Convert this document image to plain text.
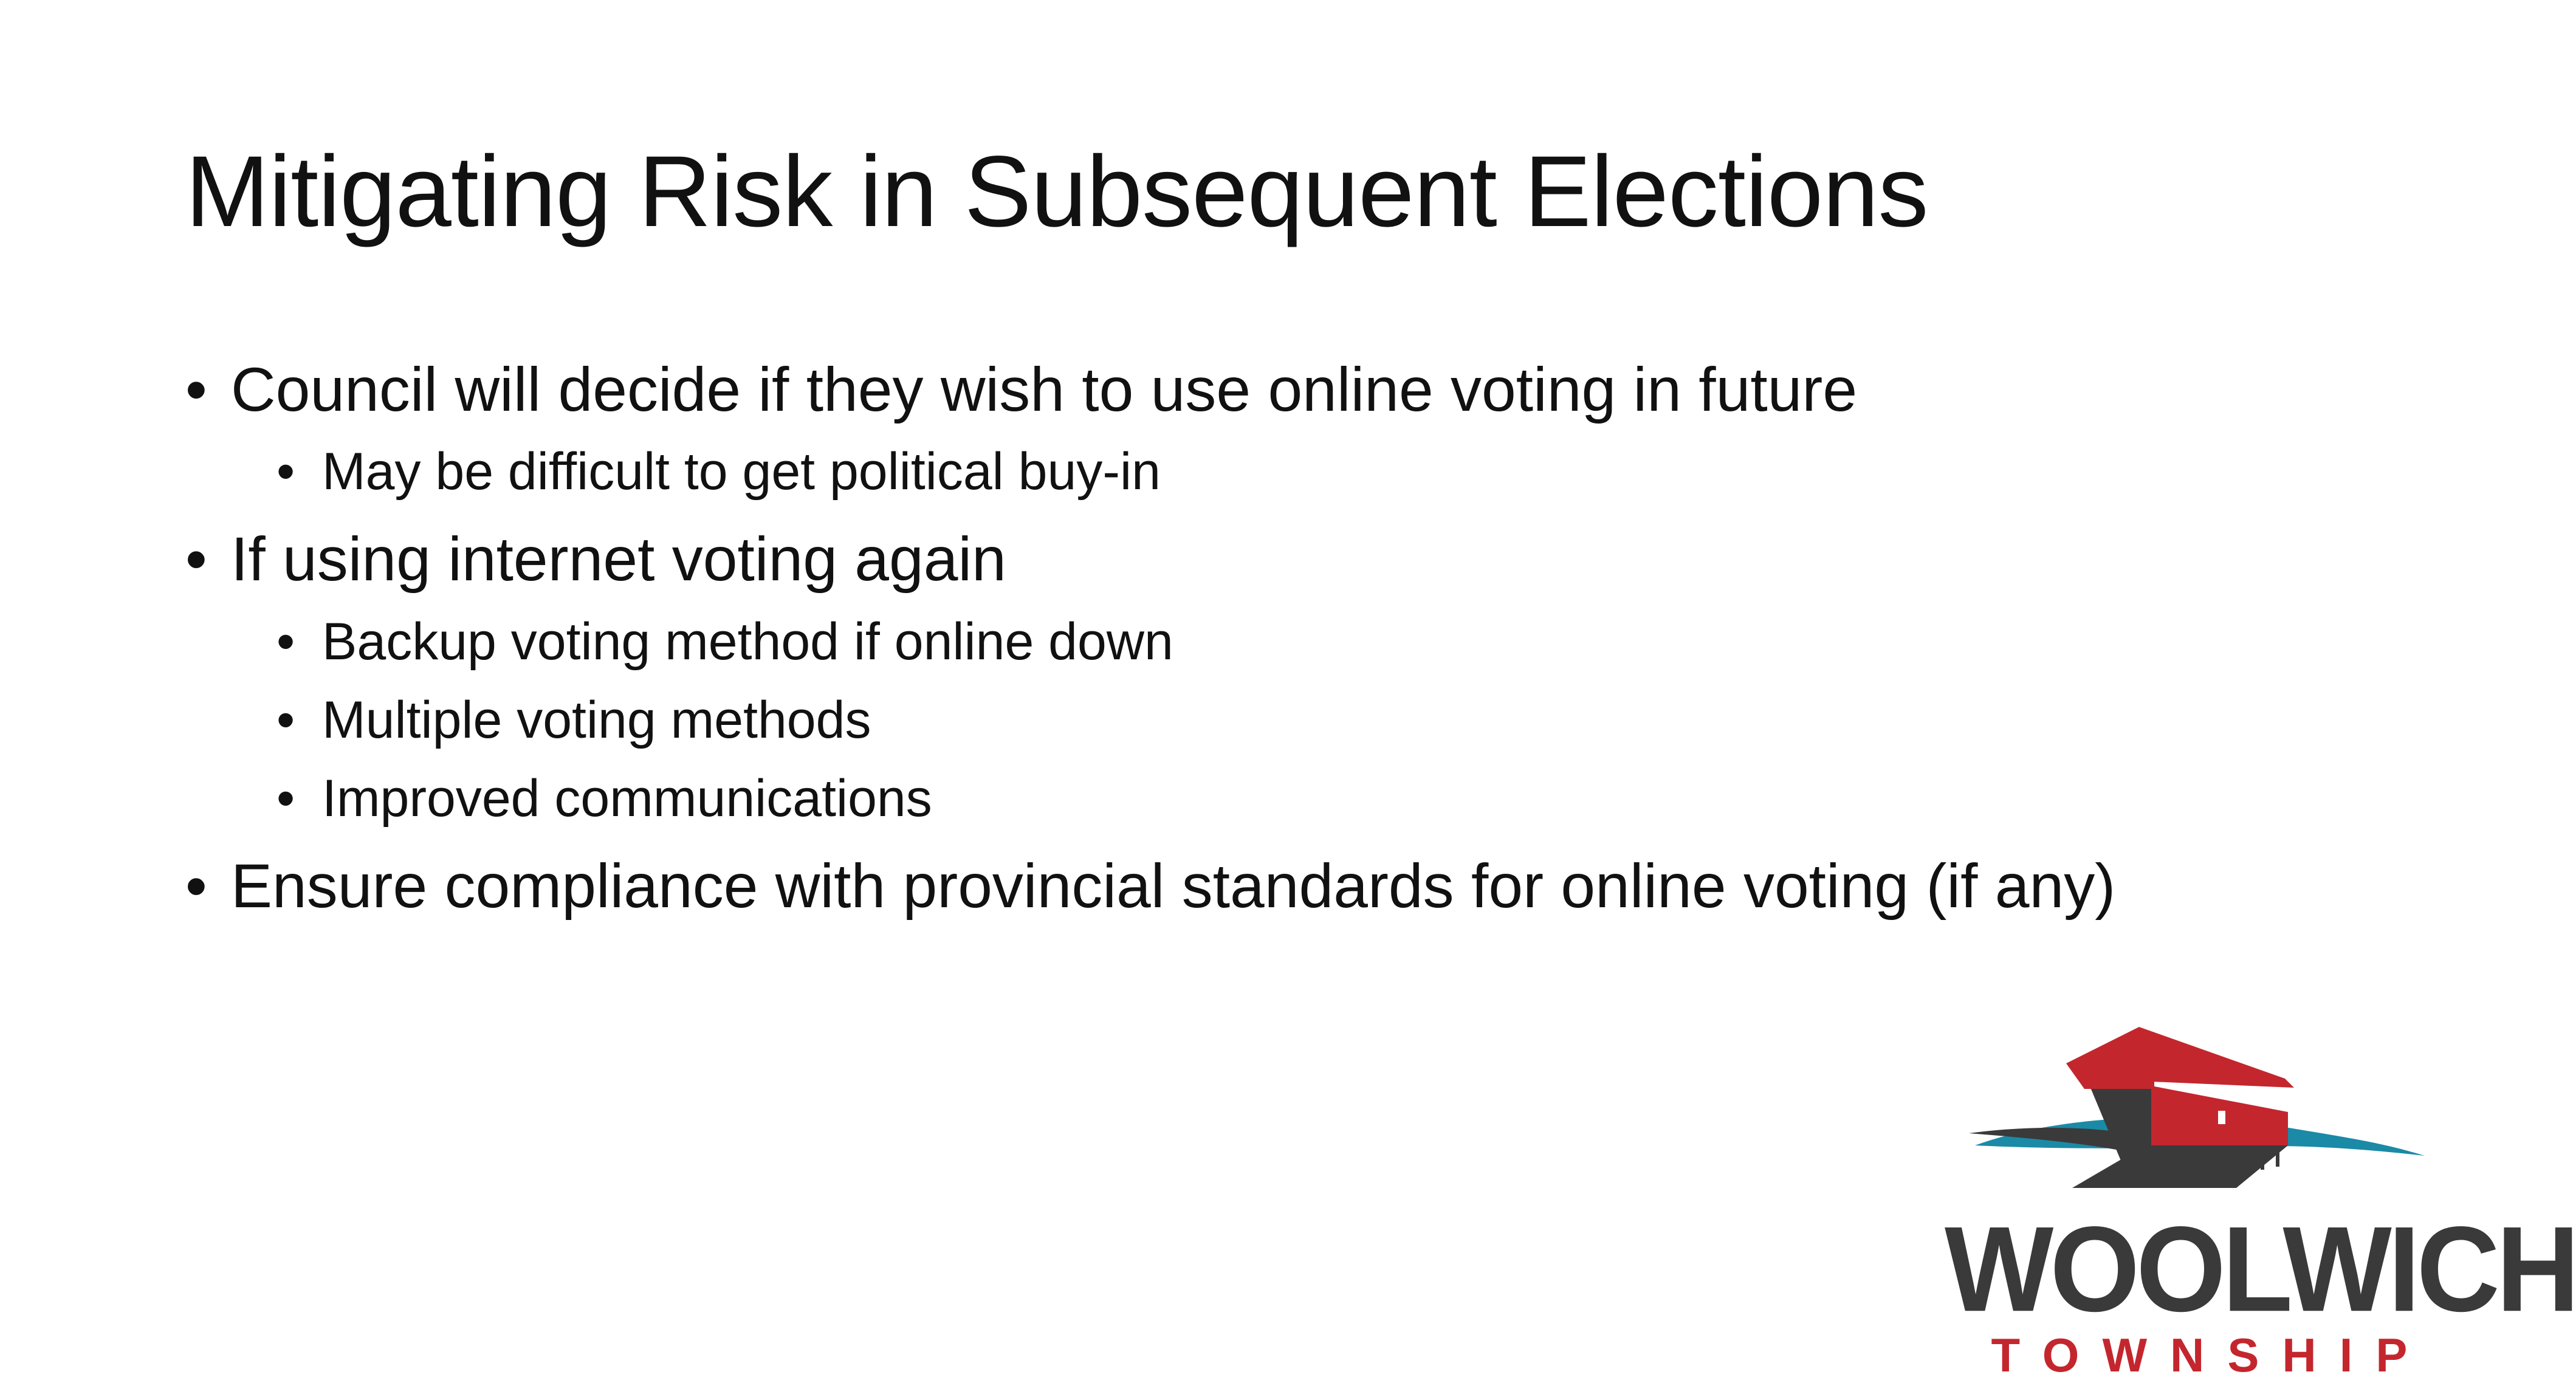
Mitigating Risk in Subsequent Elections
• Council will decide if they wish to use online voting in future
• May be difficult to get political buy-in
• If using internet voting again
• Backup voting method if online down
• Multiple voting methods
• Improved communications
• Ensure compliance with provincial standards for online voting (if any)
WOOLWICH
TOWNSHIP
